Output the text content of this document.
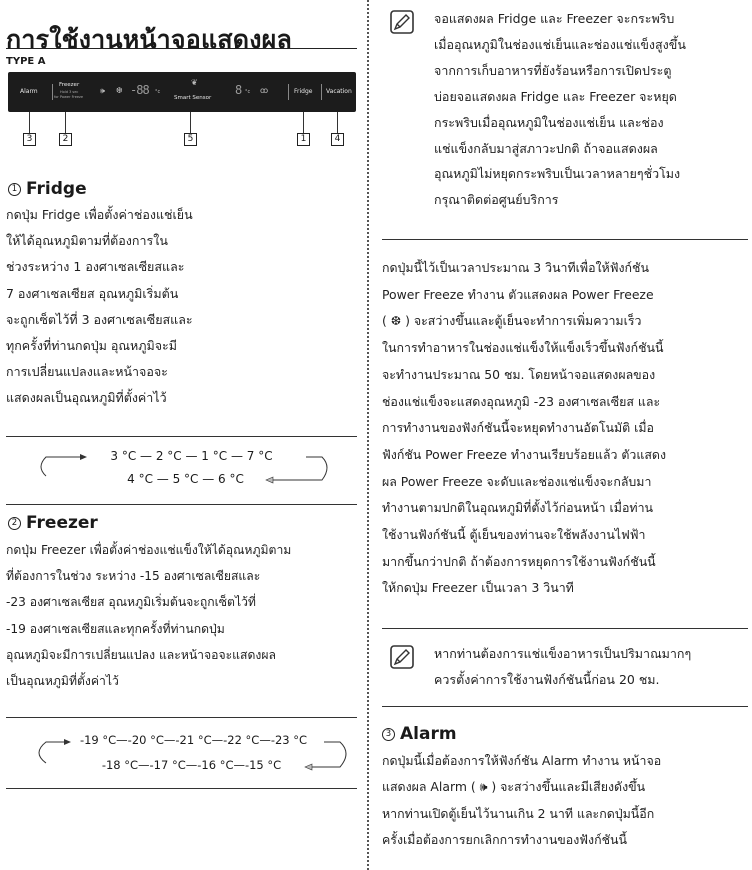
การใช้งานหน้าจอแสดงผล
TYPE A
Alarm
Freezer
Hold 3 sec
for Power Freeze
🕪 ❆ -88 °c
❦
Smart Sensor
8 °c ꝏ	Fridge Vacation
3	2	5	1	4
1 Fridge
กดปุ่ม Fridge เพื่อตั้งค่าช่องแช่เย็น
ให้ได้อุณหภูมิตามที่ต้องการใน
ช่วงระหว่าง 1 องศาเซลเซียสและ
7 องศาเซลเซียส อุณหภูมิเริ่มต้น
จะถูกเซ็ตไว้ที่ 3 องศาเซลเซียสและ
ทุกครั้งที่ท่านกดปุ่ม อุณหภูมิจะมี
การเปลี่ยนแปลงและหน้าจอจะ
แสดงผลเป็นอุณหภูมิที่ตั้งค่าไว้
3 °C — 2 °C — 1 °C — 7 °C
4 °C — 5 °C — 6 °C
2 Freezer
กดปุ่ม Freezer เพื่อตั้งค่าช่องแช่แข็งให้ได้อุณหภูมิตาม
ที่ต้องการในช่วง ระหว่าง -15 องศาเซลเซียสและ
-23 องศาเซลเซียส อุณหภูมิเริ่มต้นจะถูกเซ็ตไว้ที่
-19 องศาเซลเซียสและทุกครั้งที่ท่านกดปุ่ม
อุณหภูมิจะมีการเปลี่ยนแปลง และหน้าจอจะแสดงผล
เป็นอุณหภูมิที่ตั้งค่าไว้
-19 °C—-20 °C—-21 °C—-22 °C—-23 °C
-18 °C—-17 °C—-16 °C—-15 °C
จอแสดงผล Fridge และ Freezer จะกระพริบ
เมื่ออุณหภูมิในช่องแช่เย็นและช่องแช่แข็งสูงขึ้น
จากการเก็บอาหารที่ยังร้อนหรือการเปิดประตู
บ่อยจอแสดงผล Fridge และ Freezer จะหยุด
กระพริบเมื่ออุณหภูมิในช่องแช่เย็น และช่อง
แช่แข็งกลับมาสู่สภาวะปกติ ถ้าจอแสดงผล
อุณหภูมิไม่หยุดกระพริบเป็นเวลาหลายๆชั่วโมง
กรุณาติดต่อศูนย์บริการ
กดปุ่มนี้ไว้เป็นเวลาประมาณ 3 วินาทีเพื่อให้ฟังก์ชัน
Power Freeze ทำงาน ตัวแสดงผล Power Freeze
( ❆ ) จะสว่างขึ้นและตู้เย็นจะทำการเพิ่มความเร็ว
ในการทำอาหารในช่องแช่แข็งให้แข็งเร็วขึ้นฟังก์ชันนี้
จะทำงานประมาณ 50 ชม. โดยหน้าจอแสดงผลของ
ช่องแช่แข็งจะแสดงอุณหภูมิ -23 องศาเซลเซียส และ
การทำงานของฟังก์ชันนี้จะหยุดทำงานอัตโนมัติ เมื่อ
ฟังก์ชัน Power Freeze ทำงานเรียบร้อยแล้ว ตัวแสดง
ผล Power Freeze จะดับและช่องแช่แข็งจะกลับมา
ทำงานตามปกติในอุณหภูมิที่ตั้งไว้ก่อนหน้า เมื่อท่าน
ใช้งานฟังก์ชันนี้ ตู้เย็นของท่านจะใช้พลังงานไฟฟ้า
มากขึ้นกว่าปกติ ถ้าต้องการหยุดการใช้งานฟังก์ชันนี้
ให้กดปุ่ม Freezer เป็นเวลา 3 วินาที
หากท่านต้องการแช่แข็งอาหารเป็นปริมาณมากๆ
ควรตั้งค่าการใช้งานฟังก์ชันนี้ก่อน 20 ชม.
3 Alarm
กดปุ่มนี้เมื่อต้องการให้ฟังก์ชัน Alarm ทำงาน หน้าจอ
แสดงผล Alarm ( 🕪 ) จะสว่างขึ้นและมีเสียงดังขึ้น
หากท่านเปิดตู้เย็นไว้นานเกิน 2 นาที และกดปุ่มนี้อีก
ครั้งเมื่อต้องการยกเลิกการทำงานของฟังก์ชันนี้
